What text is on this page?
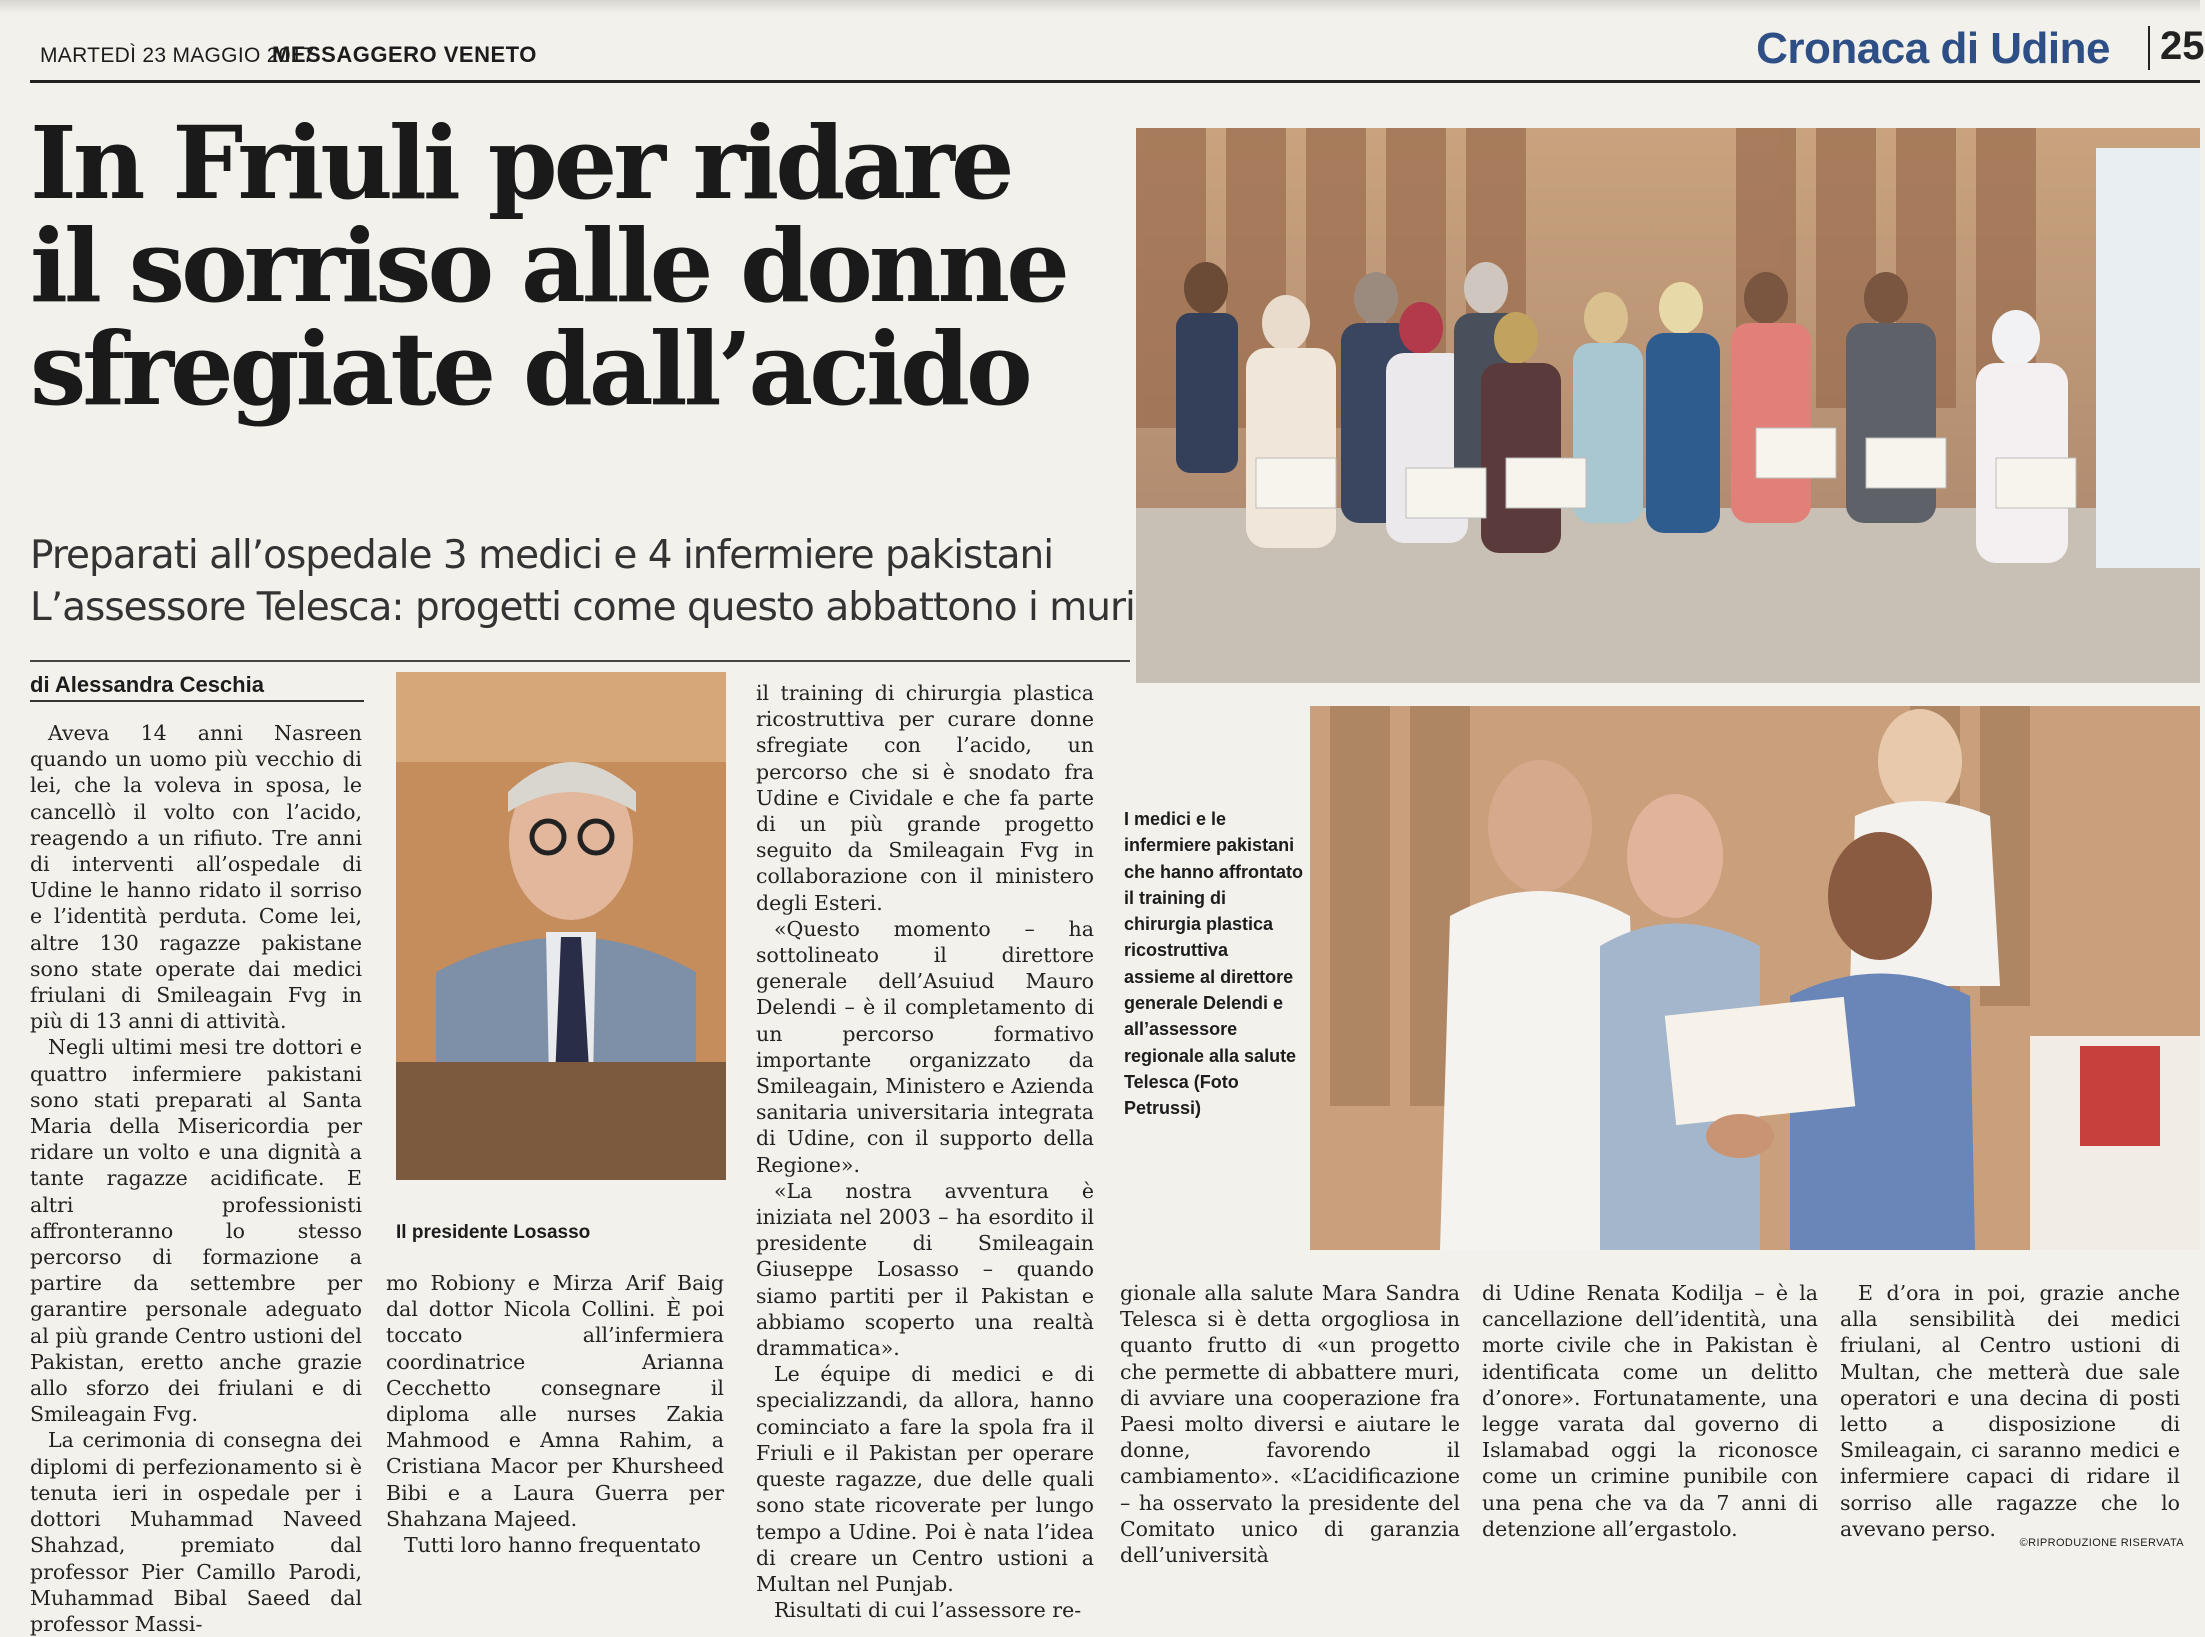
MARTEDÌ 23 MAGGIO 2017
MESSAGGERO VENETO	Cronaca di Udine 25
In Friuli per ridare
il sorriso alle donne
sfregiate dall’acido
Preparati all’ospedale 3 medici e 4 infermiere pakistani
L’assessore Telesca: progetti come questo abbattono i muri
di Alessandra Ceschia

Aveva 14 anni Nasreen quando un uomo più vecchio di lei, che la voleva in sposa, le cancellò il volto con l’acido, reagendo a un rifiuto. Tre anni di interventi all’ospedale di Udine le hanno ridato il sorriso e l’identità perduta. Come lei, altre 130 ragazze pakistane sono state operate dai medici friulani di Smileagain Fvg in più di 13 anni di attività.

Negli ultimi mesi tre dottori e quattro infermiere pakistani sono stati preparati al Santa Maria della Misericordia per ridare un volto e una dignità a tante ragazze acidificate. E altri professionisti affronteranno lo stesso percorso di formazione a partire da settembre per garantire personale adeguato al più grande Centro ustioni del Pakistan, eretto anche grazie allo sforzo dei friulani e di Smileagain Fvg.

La cerimonia di consegna dei diplomi di perfezionamento si è tenuta ieri in ospedale per i dottori Muhammad Naveed Shahzad, premiato dal professor Pier Camillo Parodi, Muhammad Bibal Saeed dal professor Massi-

Il presidente Losasso

mo Robiony e Mirza Arif Baig dal dottor Nicola Collini. È poi toccato all’infermiera coordinatrice Arianna Cecchetto consegnare il diploma alle nurses Zakia Mahmood e Amna Rahim, a Cristiana Macor per Khursheed Bibi e a Laura Guerra per Shahzana Majeed.

Tutti loro hanno frequentato

il training di chirurgia plastica ricostruttiva per curare donne sfregiate con l’acido, un percorso che si è snodato fra Udine e Cividale e che fa parte di un più grande progetto seguito da Smileagain Fvg in collaborazione con il ministero degli Esteri.

«Questo momento – ha sottolineato il direttore generale dell’Asuiud Mauro Delendi – è il completamento di un percorso formativo importante organizzato da Smileagain, Ministero e Azienda sanitaria universitaria integrata di Udine, con il supporto della Regione».

«La nostra avventura è iniziata nel 2003 – ha esordito il presidente di Smileagain Giuseppe Losasso – quando siamo partiti per il Pakistan e abbiamo scoperto una realtà drammatica».

Le équipe di medici e di specializzandi, da allora, hanno cominciato a fare la spola fra il Friuli e il Pakistan per operare queste ragazze, due delle quali sono state ricoverate per lungo tempo a Udine. Poi è nata l’idea di creare un Centro ustioni a Multan nel Punjab.

Risultati di cui l’assessore re-

I medici e le infermiere pakistani che hanno affrontato il training di chirurgia plastica ricostruttiva assieme al direttore generale Delendi e all’assessore regionale alla salute Telesca (Foto Petrussi)

gionale alla salute Mara Sandra Telesca si è detta orgogliosa in quanto frutto di «un progetto che permette di abbattere muri, di avviare una cooperazione fra Paesi molto diversi e aiutare le donne, favorendo il cambiamento». «L’acidificazione – ha osservato la presidente del Comitato unico di garanzia dell’università

di Udine Renata Kodilja – è la cancellazione dell’identità, una morte civile che in Pakistan è identificata come un delitto d’onore». Fortunatamente, una legge varata dal governo di Islamabad oggi la riconosce come un crimine punibile con una pena che va da 7 anni di detenzione all’ergastolo.

E d’ora in poi, grazie anche alla sensibilità dei medici friulani, al Centro ustioni di Multan, che metterà due sale operatori e una decina di posti letto a disposizione di Smileagain, ci saranno medici e infermiere capaci di ridare il sorriso alle ragazze che lo avevano perso.

©RIPRODUZIONE RISERVATA
